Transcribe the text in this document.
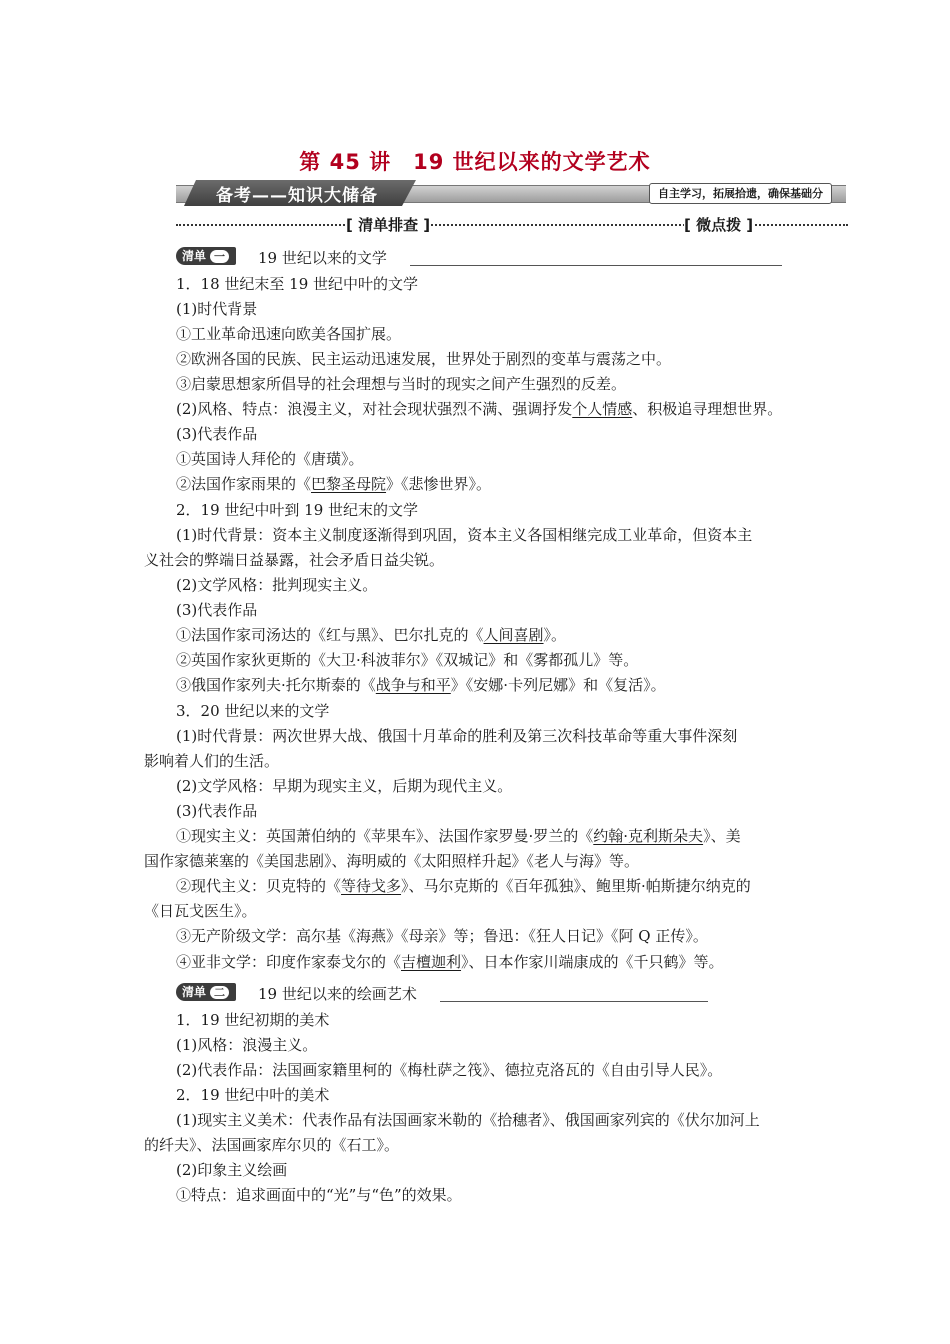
第 45 讲　19 世纪以来的文学艺术
备考——知识大储备	自主学习，拓展拾遗，确保基础分
[ 清单排查 ]	[ 微点拨 ]
清单 一	19 世纪以来的文学
1．18 世纪末至 19 世纪中叶的文学
(1)时代背景
①工业革命迅速向欧美各国扩展。
②欧洲各国的民族、民主运动迅速发展，世界处于剧烈的变革与震荡之中。
③启蒙思想家所倡导的社会理想与当时的现实之间产生强烈的反差。
(2)风格、特点：浪漫主义，对社会现状强烈不满、强调抒发个人情感、积极追寻理想世界。
(3)代表作品
①英国诗人拜伦的《唐璜》。
②法国作家雨果的《巴黎圣母院》《悲惨世界》。
2．19 世纪中叶到 19 世纪末的文学
(1)时代背景：资本主义制度逐渐得到巩固，资本主义各国相继完成工业革命，但资本主
义社会的弊端日益暴露，社会矛盾日益尖锐。
(2)文学风格：批判现实主义。
(3)代表作品
①法国作家司汤达的《红与黑》、巴尔扎克的《人间喜剧》。
②英国作家狄更斯的《大卫·科波菲尔》《双城记》和《雾都孤儿》等。
③俄国作家列夫·托尔斯泰的《战争与和平》《安娜·卡列尼娜》和《复活》。
3．20 世纪以来的文学
(1)时代背景：两次世界大战、俄国十月革命的胜利及第三次科技革命等重大事件深刻
影响着人们的生活。
(2)文学风格：早期为现实主义，后期为现代主义。
(3)代表作品
①现实主义：英国萧伯纳的《苹果车》、法国作家罗曼·罗兰的《约翰·克利斯朵夫》、美
国作家德莱塞的《美国悲剧》、海明威的《太阳照样升起》《老人与海》等。
②现代主义：贝克特的《等待戈多》、马尔克斯的《百年孤独》、鲍里斯·帕斯捷尔纳克的
《日瓦戈医生》。
③无产阶级文学：高尔基《海燕》《母亲》等；鲁迅：《狂人日记》《阿 Q 正传》。
④亚非文学：印度作家泰戈尔的《吉檀迦利》、日本作家川端康成的《千只鹤》等。
清单 二	19 世纪以来的绘画艺术
1．19 世纪初期的美术
(1)风格：浪漫主义。
(2)代表作品：法国画家籍里柯的《梅杜萨之筏》、德拉克洛瓦的《自由引导人民》。
2．19 世纪中叶的美术
(1)现实主义美术：代表作品有法国画家米勒的《拾穗者》、俄国画家列宾的《伏尔加河上
的纤夫》、法国画家库尔贝的《石工》。
(2)印象主义绘画
①特点：追求画面中的“光”与“色”的效果。
